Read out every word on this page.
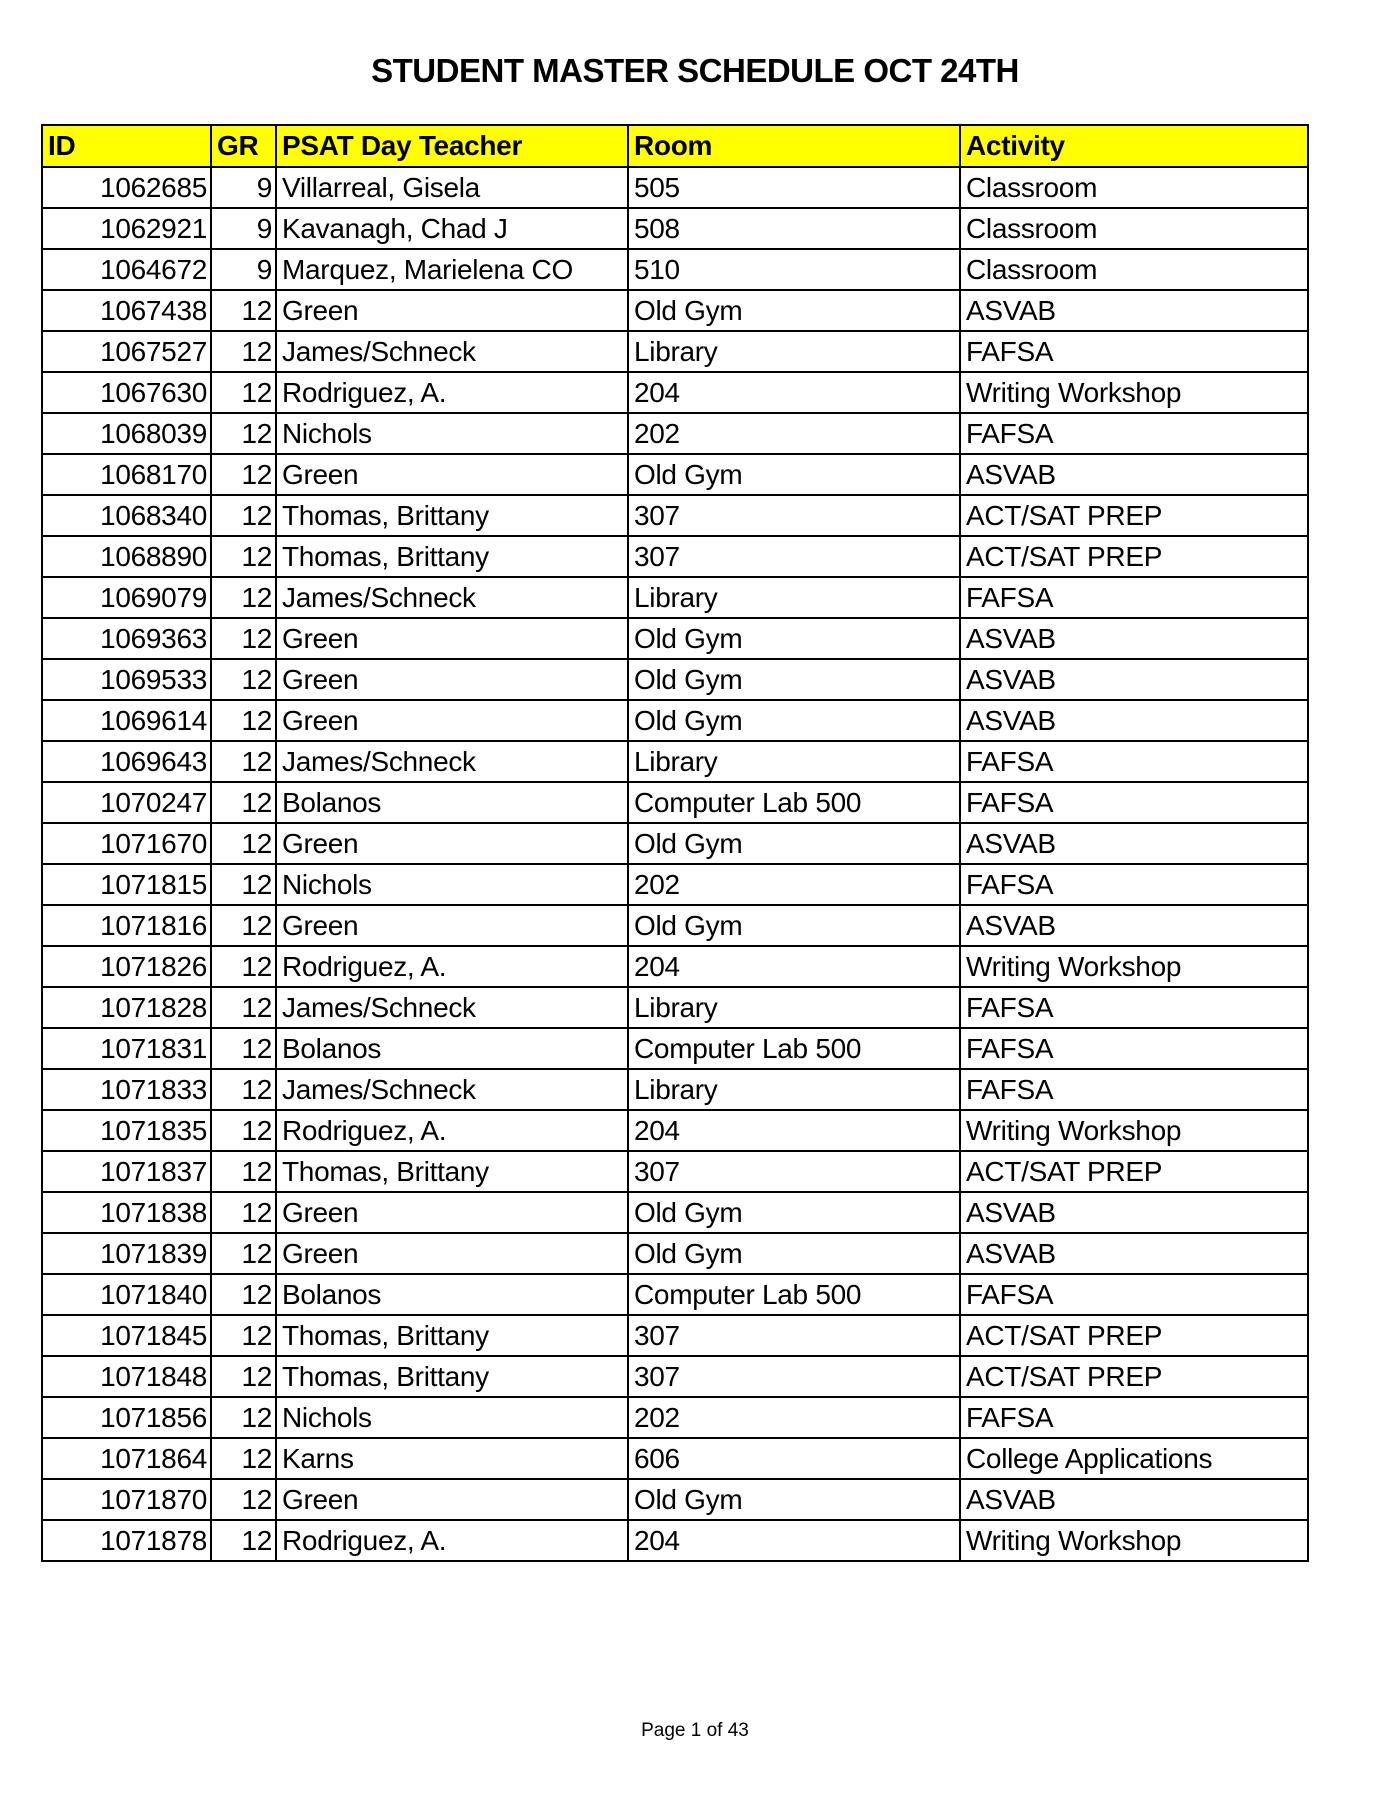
STUDENT MASTER SCHEDULE OCT 24TH
ID	GR	PSAT Day Teacher	Room	Activity
1062685	9	Villarreal, Gisela	505	Classroom
1062921	9	Kavanagh, Chad J	508	Classroom
1064672	9	Marquez, Marielena CO	510	Classroom
1067438	12	Green	Old Gym	ASVAB
1067527	12	James/Schneck	Library	FAFSA
1067630	12	Rodriguez, A.	204	Writing Workshop
1068039	12	Nichols	202	FAFSA
1068170	12	Green	Old Gym	ASVAB
1068340	12	Thomas, Brittany	307	ACT/SAT PREP
1068890	12	Thomas, Brittany	307	ACT/SAT PREP
1069079	12	James/Schneck	Library	FAFSA
1069363	12	Green	Old Gym	ASVAB
1069533	12	Green	Old Gym	ASVAB
1069614	12	Green	Old Gym	ASVAB
1069643	12	James/Schneck	Library	FAFSA
1070247	12	Bolanos	Computer Lab 500	FAFSA
1071670	12	Green	Old Gym	ASVAB
1071815	12	Nichols	202	FAFSA
1071816	12	Green	Old Gym	ASVAB
1071826	12	Rodriguez, A.	204	Writing Workshop
1071828	12	James/Schneck	Library	FAFSA
1071831	12	Bolanos	Computer Lab 500	FAFSA
1071833	12	James/Schneck	Library	FAFSA
1071835	12	Rodriguez, A.	204	Writing Workshop
1071837	12	Thomas, Brittany	307	ACT/SAT PREP
1071838	12	Green	Old Gym	ASVAB
1071839	12	Green	Old Gym	ASVAB
1071840	12	Bolanos	Computer Lab 500	FAFSA
1071845	12	Thomas, Brittany	307	ACT/SAT PREP
1071848	12	Thomas, Brittany	307	ACT/SAT PREP
1071856	12	Nichols	202	FAFSA
1071864	12	Karns	606	College Applications
1071870	12	Green	Old Gym	ASVAB
1071878	12	Rodriguez, A.	204	Writing Workshop
Page 1 of 43
